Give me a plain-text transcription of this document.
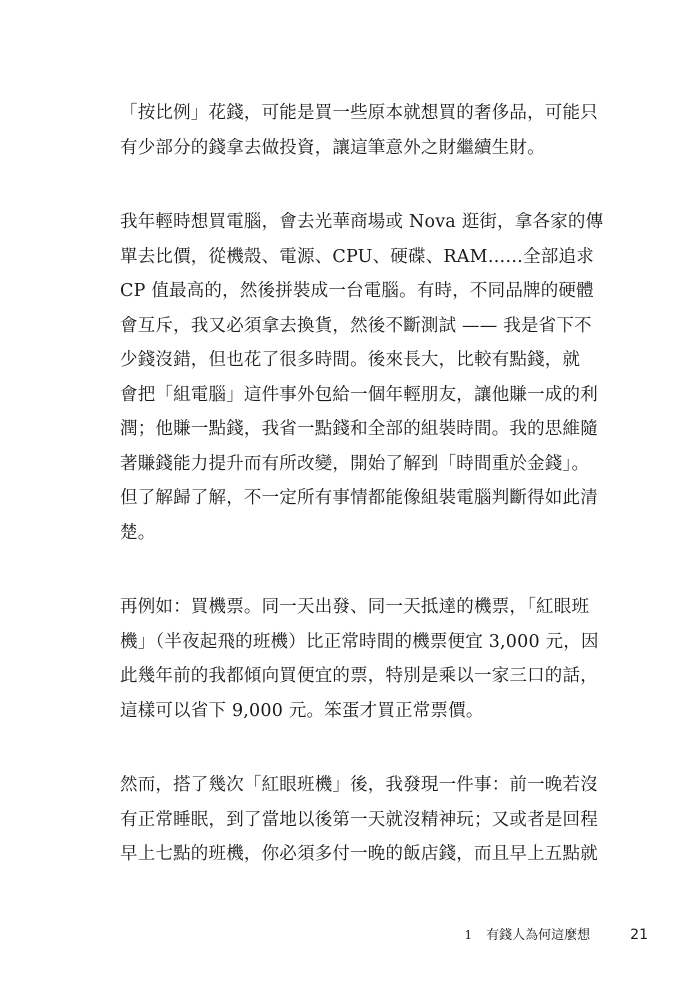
「按比例」花錢，可能是買一些原本就想買的奢侈品，可能只
有少部分的錢拿去做投資，讓這筆意外之財繼續生財。
我年輕時想買電腦，會去光華商場或 Nova 逛街，拿各家的傳
單去比價，從機殼、電源、CPU、硬碟、RAM……全部追求
CP 值最高的，然後拼裝成一台電腦。有時，不同品牌的硬體
會互斥，我又必須拿去換貨，然後不斷測試 —— 我是省下不
少錢沒錯，但也花了很多時間。後來長大，比較有點錢，就
會把「組電腦」這件事外包給一個年輕朋友，讓他賺一成的利
潤；他賺一點錢，我省一點錢和全部的組裝時間。我的思維隨
著賺錢能力提升而有所改變，開始了解到「時間重於金錢」。
但了解歸了解，不一定所有事情都能像組裝電腦判斷得如此清
楚。
再例如：買機票。同一天出發、同一天抵達的機票，「紅眼班
機」（半夜起飛的班機）比正常時間的機票便宜 3,000 元，因
此幾年前的我都傾向買便宜的票，特別是乘以一家三口的話，
這樣可以省下 9,000 元。笨蛋才買正常票價。
然而，搭了幾次「紅眼班機」後，我發現一件事：前一晚若沒
有正常睡眠，到了當地以後第一天就沒精神玩；又或者是回程
早上七點的班機，你必須多付一晚的飯店錢，而且早上五點就
1 有錢人為何這麼想	21
